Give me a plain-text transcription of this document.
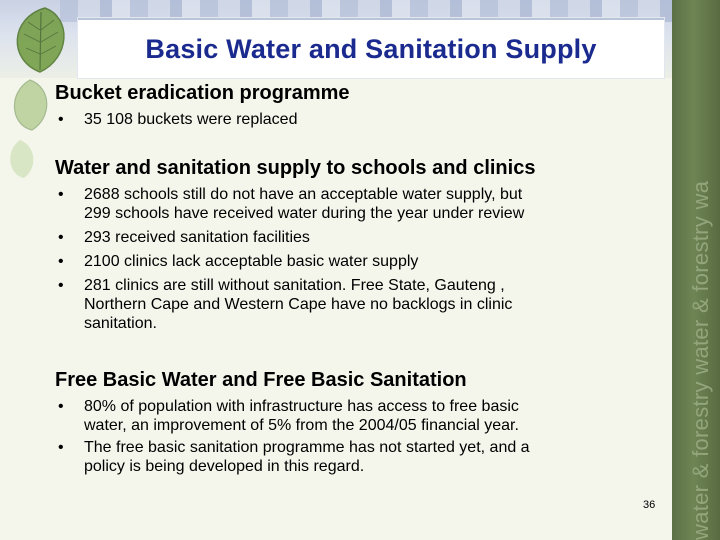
Basic Water and Sanitation Supply
water & forestry water & forestry wa
Bucket eradication programme
• 35 108 buckets were replaced
Water and sanitation supply to schools and clinics
• 2688 schools still do not have an acceptable water supply, but
299 schools have received water during the year under review
• 293 received sanitation facilities
• 2100 clinics lack acceptable basic water supply
• 281 clinics are still without sanitation. Free State, Gauteng ,
Northern Cape and Western Cape have no backlogs in clinic
sanitation.
Free Basic Water and Free Basic Sanitation
• 80% of population with infrastructure has access to free basic
water, an improvement of 5% from the 2004/05 financial year.
• The free basic sanitation programme has not started yet, and a
policy is being developed in this regard.
36
